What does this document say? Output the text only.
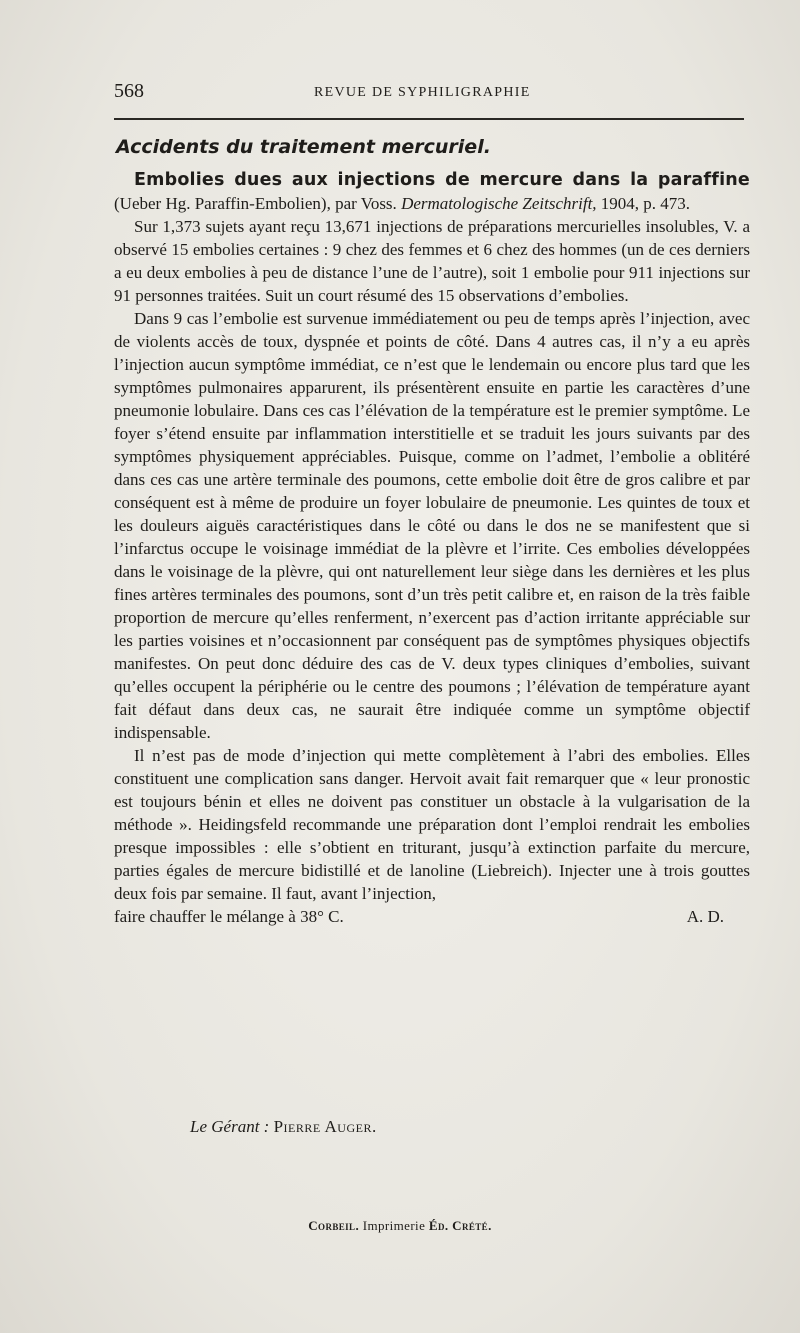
568	REVUE DE SYPHILIGRAPHIE
Accidents du traitement mercuriel.

Embolies dues aux injections de mercure dans la paraffine (Ueber Hg. Paraffin-Embolien), par Voss. Dermatologische Zeitschrift, 1904, p. 473.

Sur 1,373 sujets ayant reçu 13,671 injections de préparations mercurielles insolubles, V. a observé 15 embolies certaines : 9 chez des femmes et 6 chez des hommes (un de ces derniers a eu deux embolies à peu de distance l’une de l’autre), soit 1 embolie pour 911 injections sur 91 personnes traitées. Suit un court résumé des 15 observations d’embolies.

Dans 9 cas l’embolie est survenue immédiatement ou peu de temps après l’injection, avec de violents accès de toux, dyspnée et points de côté. Dans 4 autres cas, il n’y a eu après l’injection aucun symptôme immédiat, ce n’est que le lendemain ou encore plus tard que les symptômes pulmonaires apparurent, ils présentèrent ensuite en partie les caractères d’une pneumonie lobulaire. Dans ces cas l’élévation de la température est le premier symptôme. Le foyer s’étend ensuite par inflammation interstitielle et se traduit les jours suivants par des symptômes physiquement appréciables. Puisque, comme on l’admet, l’embolie a oblitéré dans ces cas une artère terminale des poumons, cette embolie doit être de gros calibre et par conséquent est à même de produire un foyer lobulaire de pneumonie. Les quintes de toux et les douleurs aiguës caractéristiques dans le côté ou dans le dos ne se manifestent que si l’infarctus occupe le voisinage immédiat de la plèvre et l’irrite. Ces embolies développées dans le voisinage de la plèvre, qui ont naturellement leur siège dans les dernières et les plus fines artères terminales des poumons, sont d’un très petit calibre et, en raison de la très faible proportion de mercure qu’elles renferment, n’exercent pas d’action irritante appréciable sur les parties voisines et n’occasionnent par conséquent pas de symptômes physiques objectifs manifestes. On peut donc déduire des cas de V. deux types cliniques d’embolies, suivant qu’elles occupent la périphérie ou le centre des poumons ; l’élévation de température ayant fait défaut dans deux cas, ne saurait être indiquée comme un symptôme objectif indispensable.

Il n’est pas de mode d’injection qui mette complètement à l’abri des embolies. Elles constituent une complication sans danger. Hervoit avait fait remarquer que « leur pronostic est toujours bénin et elles ne doivent pas constituer un obstacle à la vulgarisation de la méthode ». Heidingsfeld recommande une préparation dont l’emploi rendrait les embolies presque impossibles : elle s’obtient en triturant, jusqu’à extinction parfaite du mercure, parties égales de mercure bidistillé et de lanoline (Liebreich). Injecter une à trois gouttes deux fois par semaine. Il faut, avant l’injection,

faire chauffer le mélange à 38° C.	A. D.

Le Gérant : Pierre Auger.
Corbeil. Imprimerie Éd. Crété.
